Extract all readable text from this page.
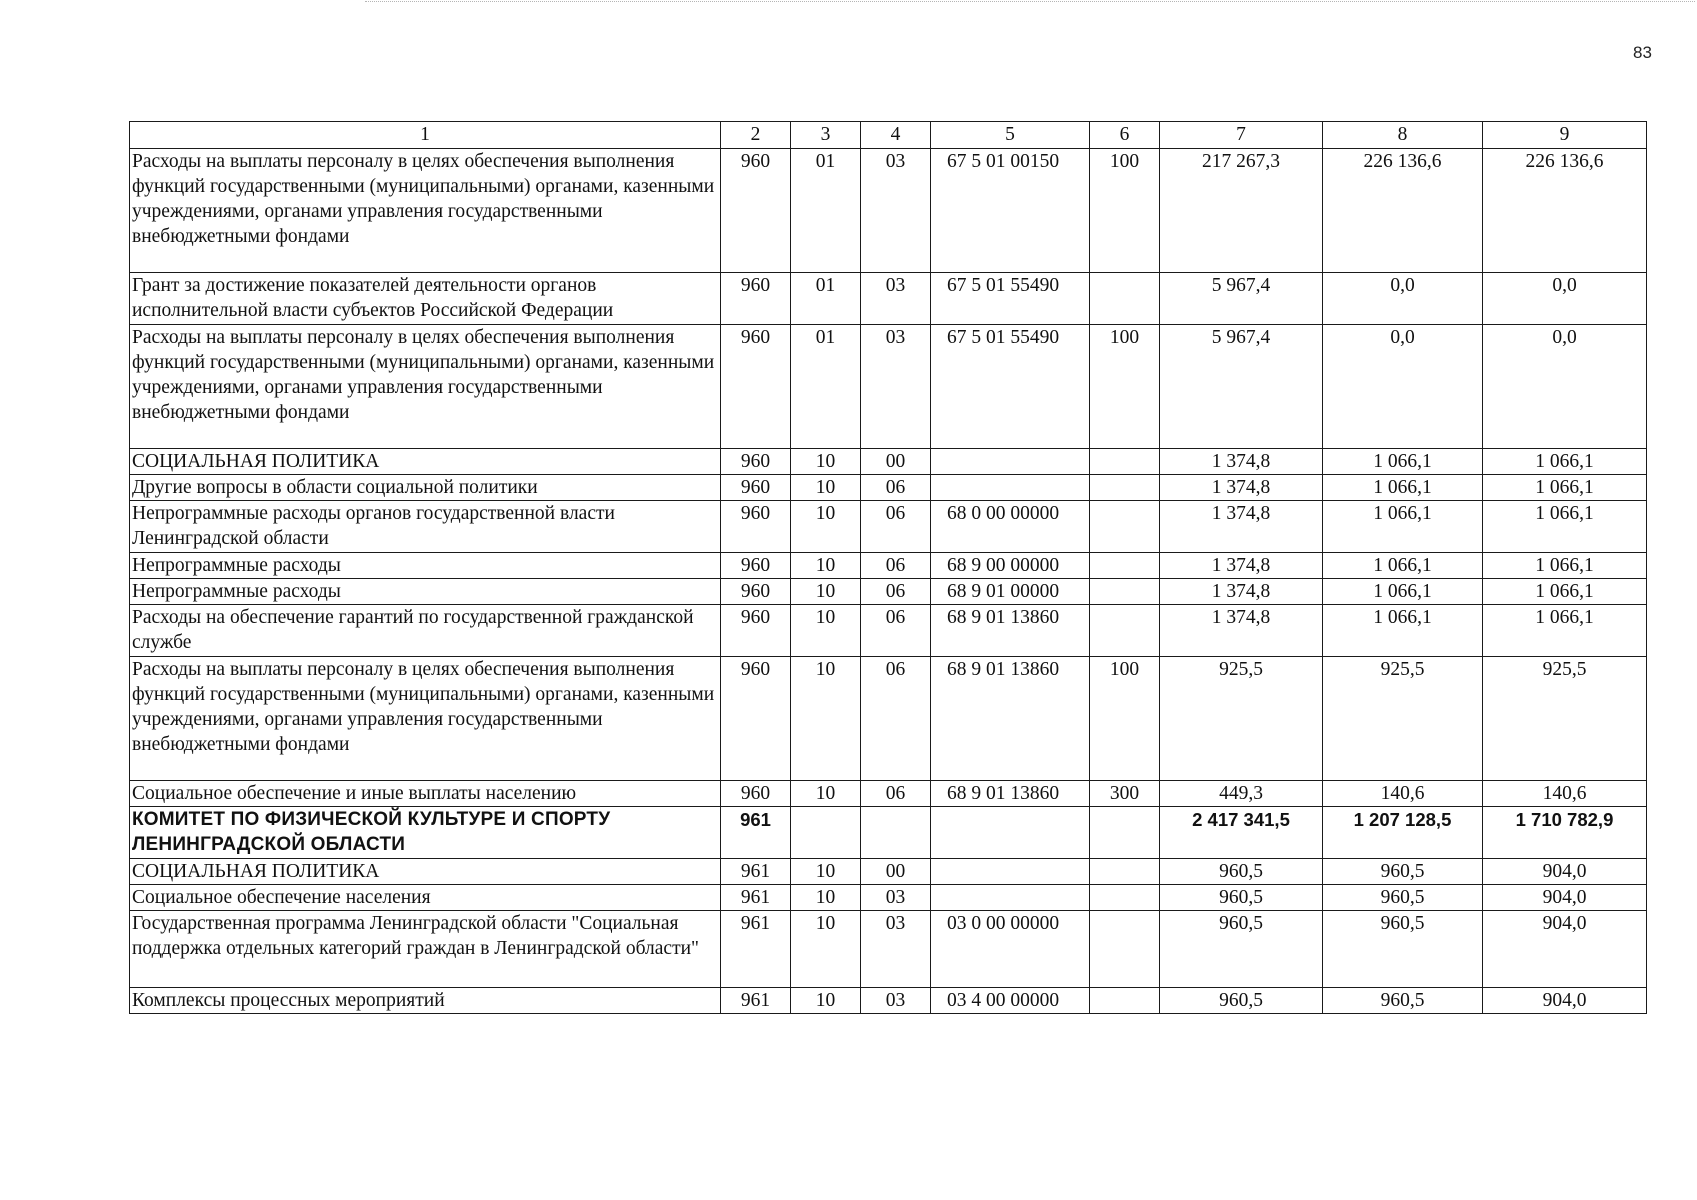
83
1	2	3	4	5	6	7	8	9
Расходы на выплаты персоналу в целях обеспечения выполнения функций государственными (муниципальными) органами, казенными учреждениями, органами управления государственными внебюджетными фондами	960	01	03	67 5 01 00150	100	217 267,3	226 136,6	226 136,6
Грант за достижение показателей деятельности органов исполнительной власти субъектов Российской Федерации	960	01	03	67 5 01 55490		5 967,4	0,0	0,0
Расходы на выплаты персоналу в целях обеспечения выполнения функций государственными (муниципальными) органами, казенными учреждениями, органами управления государственными внебюджетными фондами	960	01	03	67 5 01 55490	100	5 967,4	0,0	0,0
СОЦИАЛЬНАЯ ПОЛИТИКА	960	10	00			1 374,8	1 066,1	1 066,1
Другие вопросы в области социальной политики	960	10	06			1 374,8	1 066,1	1 066,1
Непрограммные расходы органов государственной власти Ленинградской области	960	10	06	68 0 00 00000		1 374,8	1 066,1	1 066,1
Непрограммные расходы	960	10	06	68 9 00 00000		1 374,8	1 066,1	1 066,1
Непрограммные расходы	960	10	06	68 9 01 00000		1 374,8	1 066,1	1 066,1
Расходы на обеспечение гарантий по государственной гражданской службе	960	10	06	68 9 01 13860		1 374,8	1 066,1	1 066,1
Расходы на выплаты персоналу в целях обеспечения выполнения функций государственными (муниципальными) органами, казенными учреждениями, органами управления государственными внебюджетными фондами	960	10	06	68 9 01 13860	100	925,5	925,5	925,5
Социальное обеспечение и иные выплаты населению	960	10	06	68 9 01 13860	300	449,3	140,6	140,6
КОМИТЕТ ПО ФИЗИЧЕСКОЙ КУЛЬТУРЕ И СПОРТУ ЛЕНИНГРАДСКОЙ ОБЛАСТИ	961					2 417 341,5	1 207 128,5	1 710 782,9
СОЦИАЛЬНАЯ ПОЛИТИКА	961	10	00			960,5	960,5	904,0
Социальное обеспечение населения	961	10	03			960,5	960,5	904,0
Государственная программа Ленинградской области "Социальная поддержка отдельных категорий граждан в Ленинградской области"	961	10	03	03 0 00 00000		960,5	960,5	904,0
Комплексы процессных мероприятий	961	10	03	03 4 00 00000		960,5	960,5	904,0
